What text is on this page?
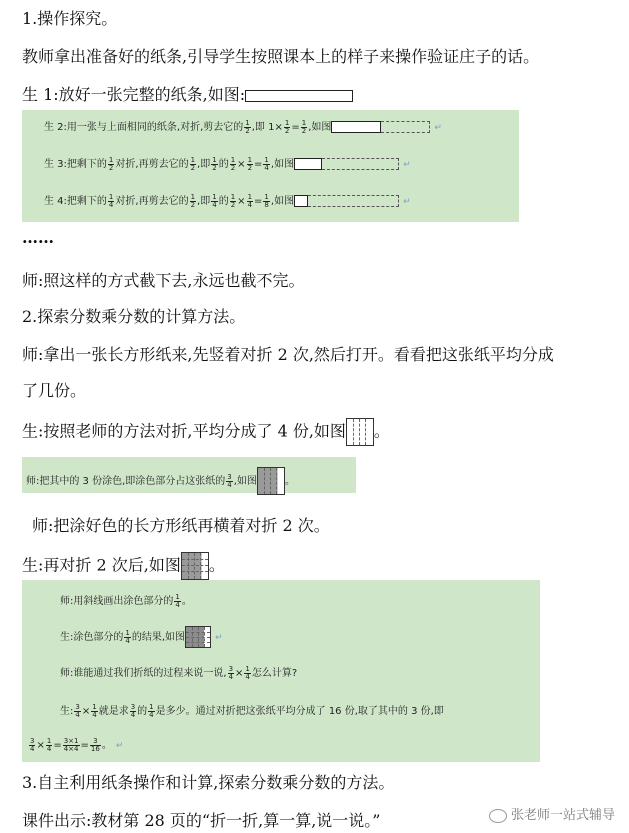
1.操作探究。
教师拿出准备好的纸条,引导学生按照课本上的样子来操作验证庄子的话。
生 1:放好一张完整的纸条,如图:
生 2:用一张与上面相同的纸条,对折,剪去它的 $\frac{1}{2}$ ,即 $1\times \frac{1}{2} = \frac{1}{2}$ ,如图	↵
生 3:把剩下的 $\frac{1}{2}$ 对折,再剪去它的 $\frac{1}{2}$ ,即 $\frac{1}{2}$ 的 $\frac{1}{2} \times \frac{1}{2} = \frac{1}{4}$ ,如图	↵
生 4:把剩下的 $\frac{1}{4}$ 对折,再剪去它的 $\frac{1}{2}$ ,即 $\frac{1}{4}$ 的 $\frac{1}{2} \times \frac{1}{4} = \frac{1}{8}$ ,如图	↵
……
师:照这样的方式截下去,永远也截不完。
2.探索分数乘分数的计算方法。
师:拿出一张长方形纸来,先竖着对折 2 次,然后打开。看看把这张纸平均分成
了几份。
生:按照老师的方法对折,平均分成了 4 份,如图 。
师:把其中的 3 份涂色,即涂色部分占这张纸的 $\frac{3}{4}$ ,如图	。
师:把涂好色的长方形纸再横着对折 2 次。
生:再对折 2 次后,如图 。
师:用斜线画出涂色部分的 $\frac{1}{4}$ 。
生:涂色部分的 $\frac{1}{4}$ 的结果,如图	↵
师:谁能通过我们折纸的过程来说一说, $\frac{3}{4} \times \frac{1}{4}$ 怎么计算?
生: $\frac{3}{4} \times \frac{1}{4}$ 就是求 $\frac{3}{4}$ 的 $\frac{1}{4}$ 是多少。通过对折把这张纸平均分成了 16 份,取了其中的 3 份,即
$\frac{3}{4} \times \frac{1}{4} = \frac{3\times 1}{4\times 4} = \frac{3}{16}$ 。 ↵
3.自主利用纸条操作和计算,探索分数乘分数的方法。
课件出示:教材第 28 页的“折一折,算一算,说一说。”	张老师一站式辅导
